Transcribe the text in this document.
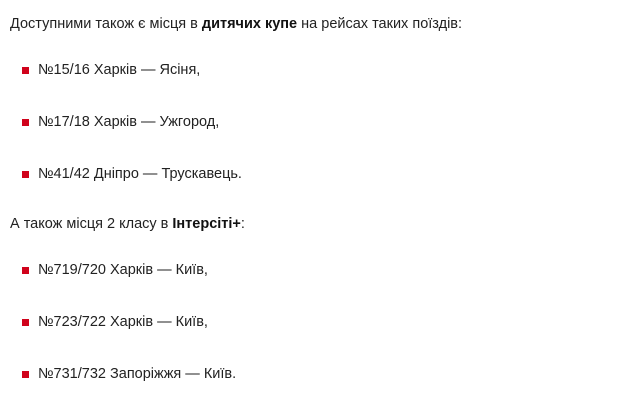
Доступними також є місця в дитячих купе на рейсах таких поїздів:

№15/16 Харків — Ясіня,
№17/18 Харків — Ужгород,
№41/42 Дніпро — Трускавець.

А також місця 2 класу в Інтерсіті+:

№719/720 Харків — Київ,
№723/722 Харків — Київ,
№731/732 Запоріжжя — Київ.
